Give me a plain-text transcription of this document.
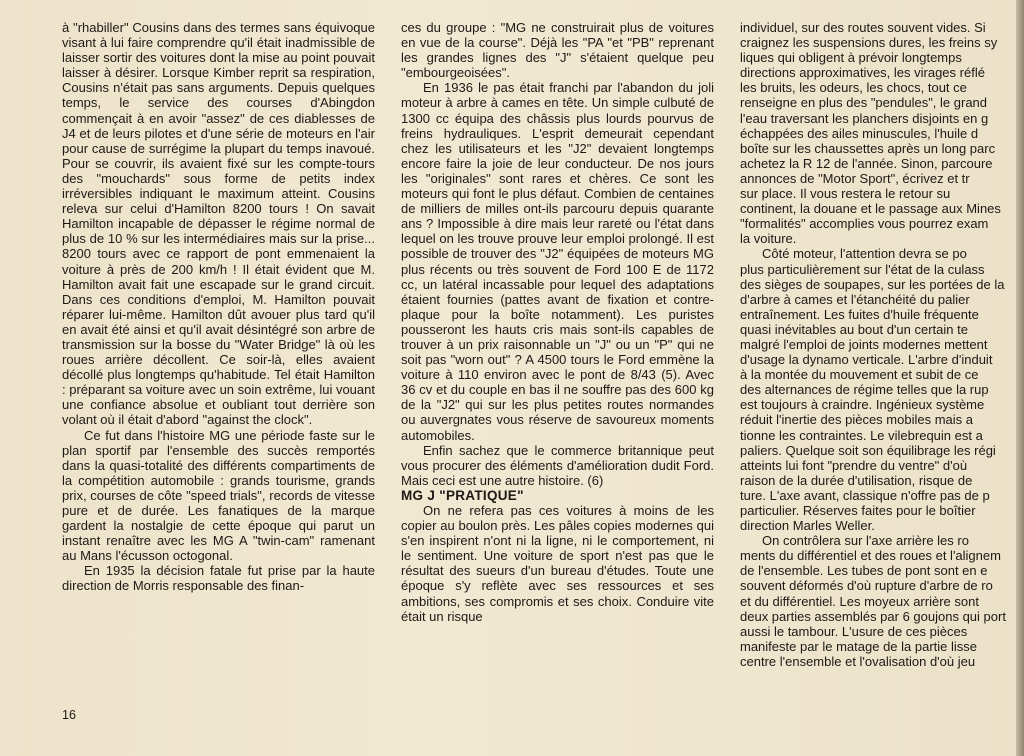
à "rhabiller" Cousins dans des termes sans équivoque visant à lui faire comprendre qu'il était inadmissible de laisser sortir des voitures dont la mise au point pouvait laisser à désirer. Lorsque Kimber reprit sa respiration, Cousins n'était pas sans arguments. Depuis quelques temps, le service des courses d'Abingdon commençait à en avoir "assez" de ces diablesses de J4 et de leurs pilotes et d'une série de moteurs en l'air pour cause de surrégime la plupart du temps inavoué. Pour se couvrir, ils avaient fixé sur les compte-tours des "mouchards" sous forme de petits index irréversibles indiquant le maximum atteint. Cousins releva sur celui d'Hamilton 8200 tours ! On savait Hamilton incapable de dépasser le régime normal de plus de 10 % sur les intermédiaires mais sur la prise... 8200 tours avec ce rapport de pont emmenaient la voiture à près de 200 km/h ! Il était évident que M. Hamilton avait fait une escapade sur le grand circuit. Dans ces conditions d'emploi, M. Hamilton pouvait réparer lui-même. Hamilton dût avouer plus tard qu'il en avait été ainsi et qu'il avait désintégré son arbre de transmission sur la bosse du "Water Bridge" là où les roues arrière décollent. Ce soir-là, elles avaient décollé plus longtemps qu'habitude. Tel était Hamilton : préparant sa voiture avec un soin extrême, lui vouant une confiance absolue et oubliant tout derrière son volant où il était d'abord "against the clock".

Ce fut dans l'histoire MG une période faste sur le plan sportif par l'ensemble des succès remportés dans la quasi-totalité des différents compartiments de la compétition automobile : grands tourisme, grands prix, courses de côte "speed trials", records de vitesse pure et de durée. Les fanatiques de la marque gardent la nostalgie de cette époque qui parut un instant renaître avec les MG A "twin-cam" ramenant au Mans l'écusson octogonal.

En 1935 la décision fatale fut prise par la haute direction de Morris responsable des finan-

ces du groupe : "MG ne construirait plus de voitures en vue de la course". Déjà les "PA "et "PB" reprenant les grandes lignes des "J" s'étaient quelque peu "embourgeoisées".

En 1936 le pas était franchi par l'abandon du joli moteur à arbre à cames en tête. Un simple culbuté de 1300 cc équipa des châssis plus lourds pourvus de freins hydrauliques. L'esprit demeurait cependant chez les utilisateurs et les "J2" devaient longtemps encore faire la joie de leur conducteur. De nos jours les "originales" sont rares et chères. Ce sont les moteurs qui font le plus défaut. Combien de centaines de milliers de milles ont-ils parcouru depuis quarante ans ? Impossible à dire mais leur rareté ou l'état dans lequel on les trouve prouve leur emploi prolongé. Il est possible de trouver des "J2" équipées de moteurs MG plus récents ou très souvent de Ford 100 E de 1172 cc, un latéral incassable pour lequel des adaptations étaient fournies (pattes avant de fixation et contre-plaque pour la boîte notamment). Les puristes pousseront les hauts cris mais sont-ils capables de trouver à un prix raisonnable un "J" ou un "P" qui ne soit pas "worn out" ? A 4500 tours le Ford emmène la voiture à 110 environ avec le pont de 8/43 (5). Avec 36 cv et du couple en bas il ne souffre pas des 600 kg de la "J2" qui sur les plus petites routes normandes ou auvergnates vous réserve de savoureux moments automobiles.

Enfin sachez que le commerce britannique peut vous procurer des éléments d'amélioration dudit Ford. Mais ceci est une autre histoire. (6)

MG J "PRATIQUE"

On ne refera pas ces voitures à moins de les copier au boulon près. Les pâles copies modernes qui s'en inspirent n'ont ni la ligne, ni le comportement, ni le sentiment. Une voiture de sport n'est pas que le résultat des sueurs d'un bureau d'études. Toute une époque s'y reflète avec ses ressources et ses ambitions, ses compromis et ses choix. Conduire vite était un risque

individuel, sur des routes souvent vides. Si

craignez les suspensions dures, les freins sy

liques qui obligent à prévoir longtemps

directions approximatives, les virages réflé

les bruits, les odeurs, les chocs, tout ce

renseigne en plus des "pendules", le grand

l'eau traversant les planchers disjoints en g

échappées des ailes minuscules, l'huile d

boîte sur les chaussettes après un long parc

achetez la R 12 de l'année. Sinon, parcoure

annonces de "Motor Sport", écrivez et tr

sur place. Il vous restera le retour su

continent, la douane et le passage aux Mines

"formalités" accomplies vous pourrez exam

la voiture.

Côté moteur, l'attention devra se po

plus particulièrement sur l'état de la culass

des sièges de soupapes, sur les portées de la

d'arbre à cames et l'étanchéité du palier

entraînement. Les fuites d'huile fréquente

quasi inévitables au bout d'un certain te

malgré l'emploi de joints modernes mettent

d'usage la dynamo verticale. L'arbre d'induit

à la montée du mouvement et subit de ce

des alternances de régime telles que la rup

est toujours à craindre. Ingénieux système

réduit l'inertie des pièces mobiles mais a

tionne les contraintes. Le vilebrequin est a

paliers. Quelque soit son équilibrage les régi

atteints lui font "prendre du ventre" d'où

raison de la durée d'utilisation, risque de

ture. L'axe avant, classique n'offre pas de p

particulier. Réserves faites pour le boîtier

direction Marles Weller.

On contrôlera sur l'axe arrière les ro

ments du différentiel et des roues et l'alignem

de l'ensemble. Les tubes de pont sont en e

souvent déformés d'où rupture d'arbre de ro

et du différentiel. Les moyeux arrière sont

deux parties assemblés par 6 goujons qui port

aussi le tambour. L'usure de ces pièces

manifeste par le matage de la partie lisse

centre l'ensemble et l'ovalisation d'où jeu

16
